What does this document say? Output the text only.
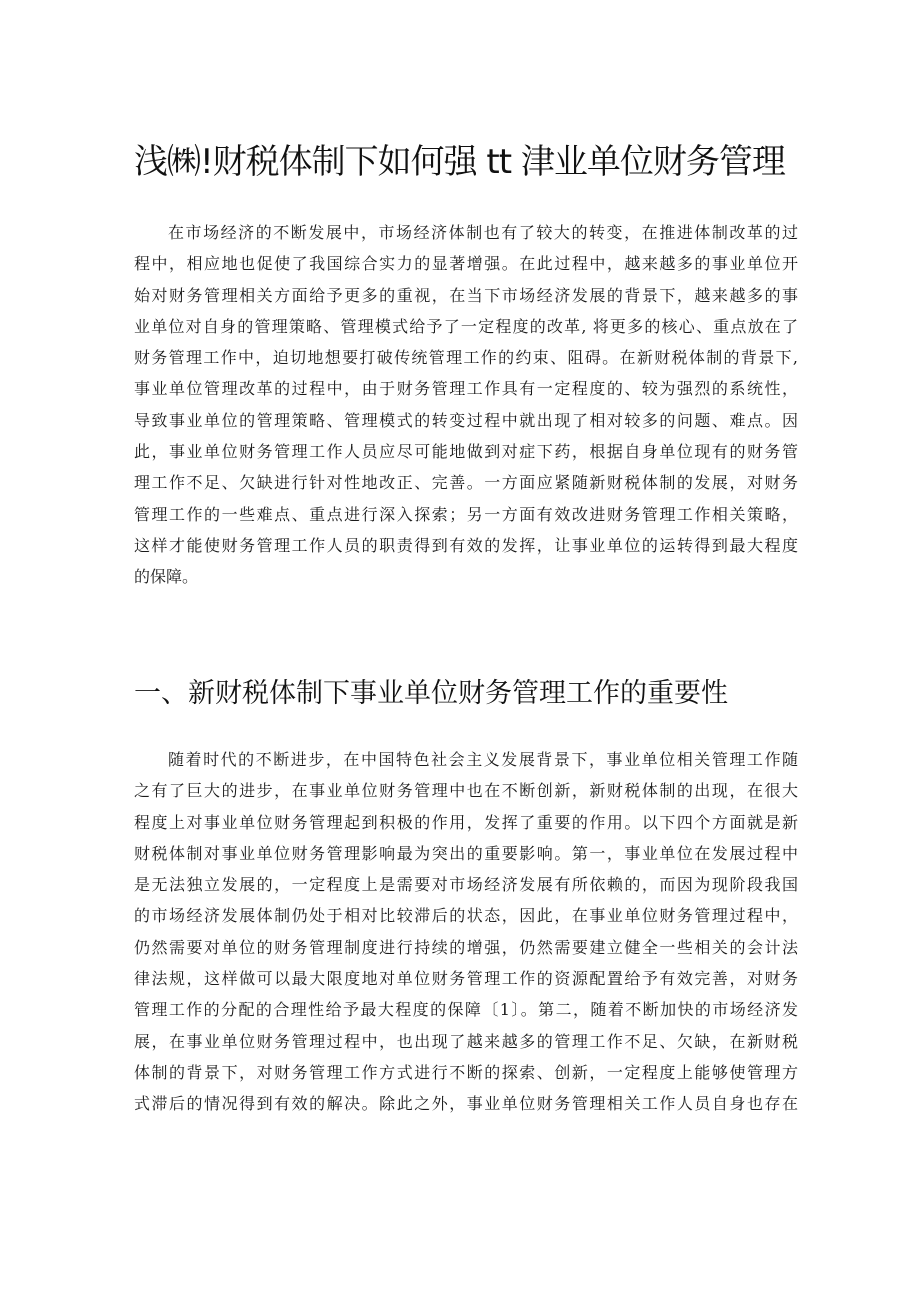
浅㈱!财税体制下如何强 tt 津业单位财务管理
在市场经济的不断发展中，市场经济体制也有了较大的转变，在推进体制改革的过
程中，相应地也促使了我国综合实力的显著增强。在此过程中，越来越多的事业单位开
始对财务管理相关方面给予更多的重视，在当下市场经济发展的背景下，越来越多的事
业单位对自身的管理策略、管理模式给予了一定程度的改革, 将更多的核心、重点放在了
财务管理工作中，迫切地想要打破传统管理工作的约束、阻碍。在新财税体制的背景下,
事业单位管理改革的过程中，由于财务管理工作具有一定程度的、较为强烈的系统性，
导致事业单位的管理策略、管理模式的转变过程中就出现了相对较多的问题、难点。因
此，事业单位财务管理工作人员应尽可能地做到对症下药，根据自身单位现有的财务管
理工作不足、欠缺进行针对性地改正、完善。一方面应紧随新财税体制的发展，对财务
管理工作的一些难点、重点进行深入探索；另一方面有效改进财务管理工作相关策略，
这样才能使财务管理工作人员的职责得到有效的发挥，让事业单位的运转得到最大程度
的保障。
一、新财税体制下事业单位财务管理工作的重要性
随着时代的不断进步，在中国特色社会主义发展背景下，事业单位相关管理工作随
之有了巨大的进步，在事业单位财务管理中也在不断创新，新财税体制的出现，在很大
程度上对事业单位财务管理起到积极的作用，发挥了重要的作用。以下四个方面就是新
财税体制对事业单位财务管理影响最为突出的重要影响。第一，事业单位在发展过程中
是无法独立发展的，一定程度上是需要对市场经济发展有所依赖的，而因为现阶段我国
的市场经济发展体制仍处于相对比较滞后的状态，因此，在事业单位财务管理过程中，
仍然需要对单位的财务管理制度进行持续的增强，仍然需要建立健全一些相关的会计法
律法规，这样做可以最大限度地对单位财务管理工作的资源配置给予有效完善，对财务
管理工作的分配的合理性给予最大程度的保障〔1〕。第二，随着不断加快的市场经济发
展，在事业单位财务管理过程中，也出现了越来越多的管理工作不足、欠缺，在新财税
体制的背景下，对财务管理工作方式进行不断的探索、创新，一定程度上能够使管理方
式滞后的情况得到有效的解决。除此之外，事业单位财务管理相关工作人员自身也存在
